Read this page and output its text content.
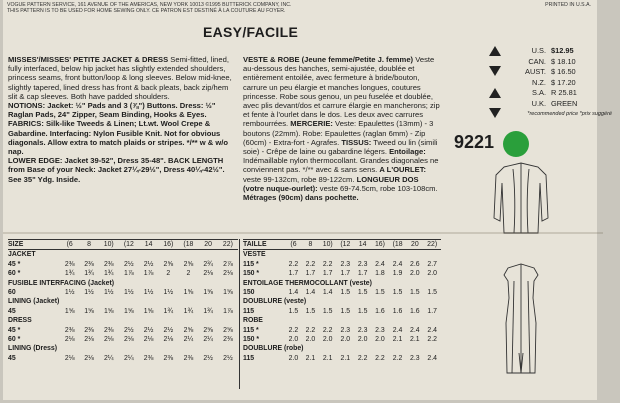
VOGUE PATTERN SERVICE, 161 AVENUE OF THE AMERICAS, NEW YORK 10013 ©1995 BUTTERICK COMPANY, INC.
THIS PATTERN IS TO BE USED FOR HOME SEWING ONLY. CE PATRON EST DESTINÉ À LA COUTURE AU FOYER.
PRINTED IN U.S.A.
EASY/FACILE

MISSES'/MISSES' PETITE JACKET & DRESS Semi-fitted, lined, fully interfaced, below hip jacket has slightly extended shoulders, princess seams, front button/loop & long sleeves. Below mid-knee, slightly tapered, lined dress has front & back pleats, back zip/hem slit & cap sleeves. Both have padded shoulders.

NOTIONS: Jacket: ½" Pads and 3 (⅞") Buttons. Dress: ½" Raglan Pads, 24" Zipper, Seam Binding, Hooks & Eyes.

FABRICS: Silk-like Tweeds & Linen; Lt.wt. Wool Crepe & Gabardine. Interfacing: Nylon Fusible Knit. Not for obvious diagonals. Allow extra to match plaids or stripes. */** w & w/o nap.

LOWER EDGE: Jacket 39-52", Dress 35-48". BACK LENGTH from Base of your Neck: Jacket 27¼-29½", Dress 40¼-42½".

See 35" Ydg. Inside.

VESTE & ROBE (Jeune femme/Petite J. femme) Veste au-dessous des hanches, semi-ajustée, doublée et entièrement entoilée, avec fermeture à bride/bouton, carrure un peu élargie et manches longues, coutures princesse. Robe sous genou, un peu fuselée et doublée, avec plis devant/dos et carrure élargie en mancherons; zip et fente à l'ourlet dans le dos. Les deux avec carrures rembourrées. MERCERIE: Veste: Epaulettes (13mm) - 3 boutons (22mm). Robe: Epaulettes (raglan 6mm) - Zip (60cm) - Extra-fort - Agrafes. TISSUS: Tweed ou lin (simili soie) - Crêpe de laine ou gabardine légers. Entoilage: Indémaillable nylon thermocollant. Grandes diagonales ne conviennent pas. */** avec & sans sens. A L'OURLET: veste 99-132cm, robe 89-122cm. LONGUEUR DOS (votre nuque-ourlet): veste 69-74.5cm, robe 103-108cm. Métrages (90cm) dans pochette.

U.S. $12.95
CAN. $ 18.10
AUST. $ 16.50
N.Z. $ 17.20
S.A. R 25.81
U.K. GREEN
*recommended price *prix suggéré
9221
SIZE	(6	8	10)	(12	14	16)	(18	20	22)
JACKET									
45 *	2⅜	2⅜	2⅜	2½	2½	2⅝	2⅝	2¾	2⅞
60 *	1¾	1¾	1¾	1⅞	1⅞	2	2	2⅛	2⅛
FUSIBLE INTERFACING (Jacket)									
60	1½	1½	1½	1½	1½	1½	1⅝	1⅝	1⅝
LINING (Jacket)									
45	1⅝	1⅝	1⅝	1⅝	1⅝	1¾	1¾	1¾	1⅞
DRESS									
45 *	2⅜	2⅜	2⅜	2½	2½	2½	2⅝	2⅝	2⅝
60 *	2⅛	2⅛	2⅛	2⅛	2⅛	2⅛	2¼	2¼	2⅜
LINING (Dress)									
45	2⅛	2⅛	2¼	2¼	2⅜	2⅜	2⅜	2½	2½
TAILLE	(6	8	10)	(12	14	16)	(18	20	22)
VESTE									
115 *	2.2	2.2	2.2	2.3	2.3	2.4	2.4	2.6	2.7
150 *	1.7	1.7	1.7	1.7	1.7	1.8	1.9	2.0	2.0
ENTOILAGE THERMOCOLLANT (veste)									
150	1.4	1.4	1.4	1.5	1.5	1.5	1.5	1.5	1.5
DOUBLURE (veste)									
115	1.5	1.5	1.5	1.5	1.5	1.6	1.6	1.6	1.7
ROBE									
115 *	2.2	2.2	2.2	2.3	2.3	2.3	2.4	2.4	2.4
150 *	2.0	2.0	2.0	2.0	2.0	2.0	2.1	2.1	2.2
DOUBLURE (robe)									
115	2.0	2.1	2.1	2.1	2.2	2.2	2.2	2.3	2.4
